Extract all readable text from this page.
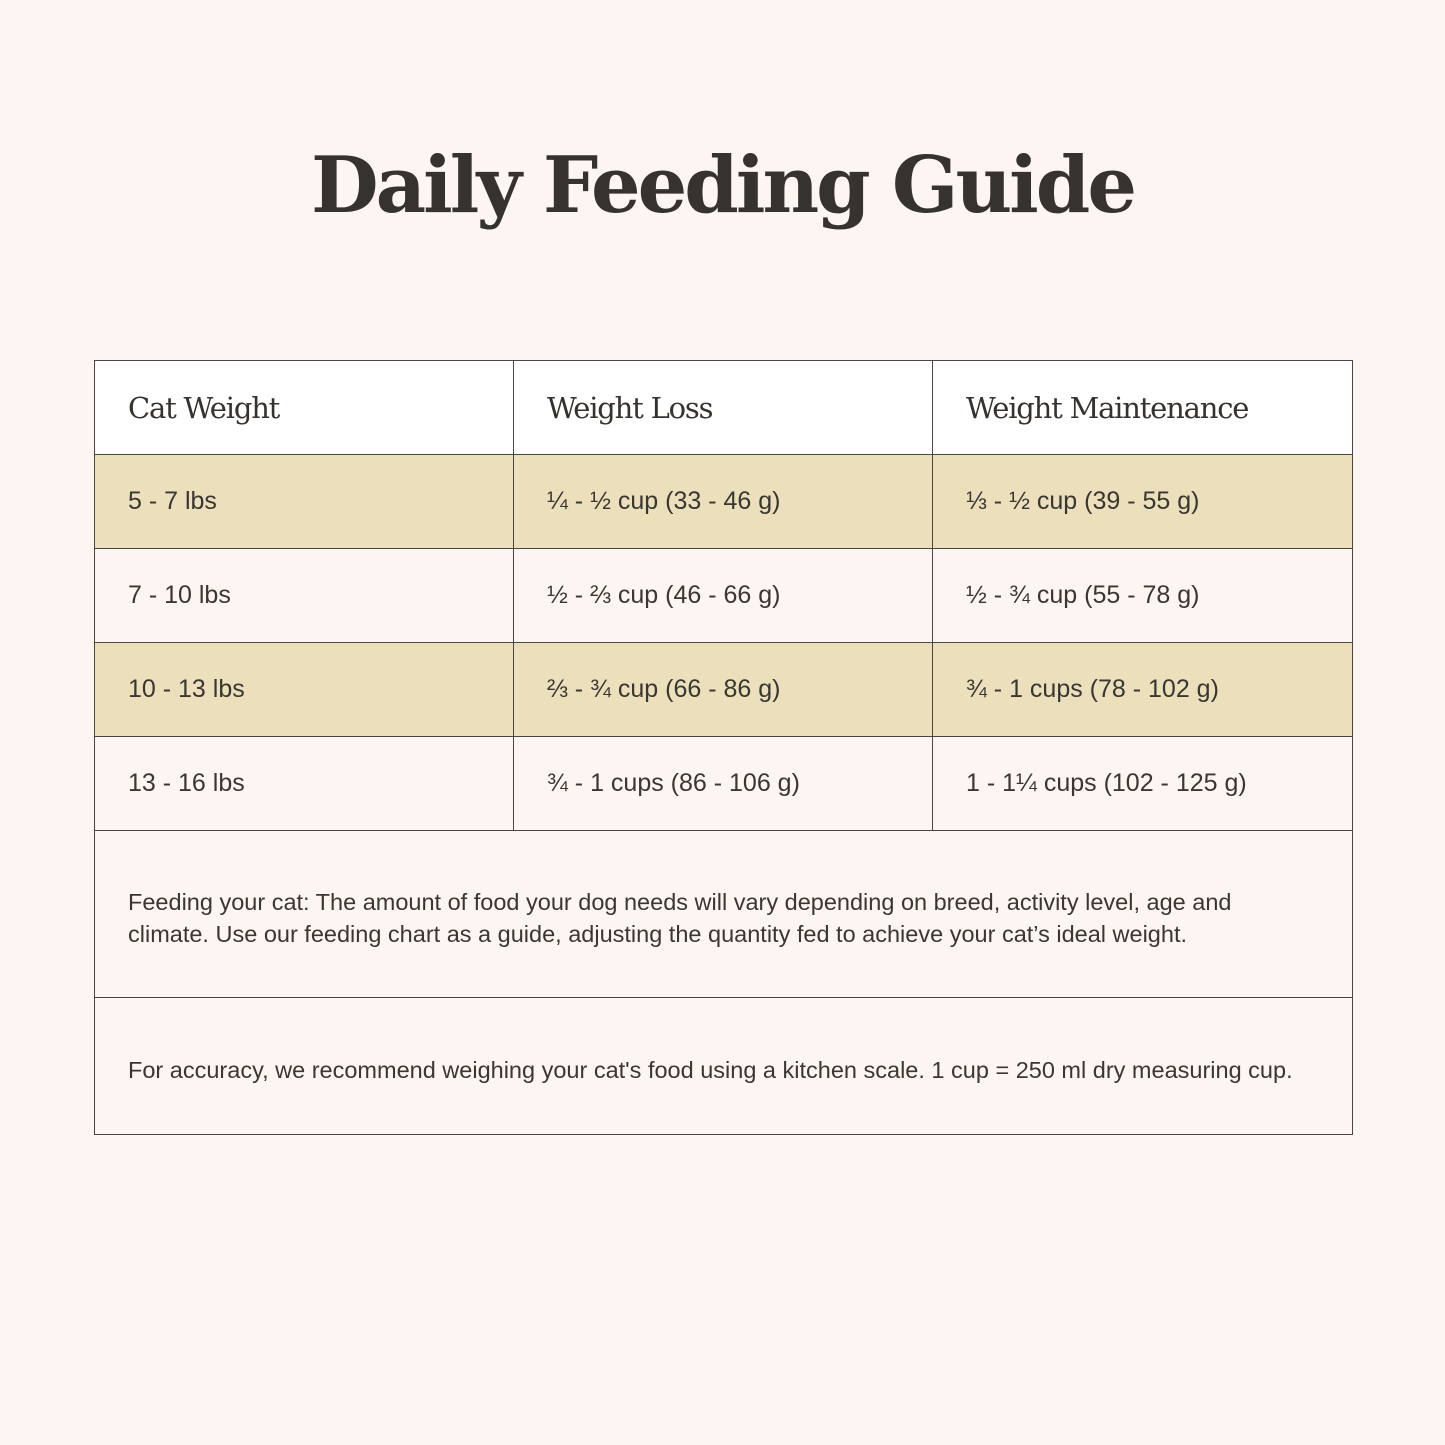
Daily Feeding Guide
Cat Weight	Weight Loss	Weight Maintenance
5 - 7 lbs	¼ - ½ cup (33 - 46 g)	⅓ - ½ cup (39 - 55 g)
7 - 10 lbs	½ - ⅔ cup (46 - 66 g)	½ - ¾ cup (55 - 78 g)
10 - 13 lbs	⅔ - ¾ cup (66 - 86 g)	¾ - 1 cups (78 - 102 g)
13 - 16 lbs	¾ - 1 cups (86 - 106 g)	1 - 1¼ cups (102 - 125 g)
Feeding your cat: The amount of food your dog needs will vary depending on breed, activity level, age and climate. Use our feeding chart as a guide, adjusting the quantity fed to achieve your cat’s ideal weight.		
For accuracy, we recommend weighing your cat's food using a kitchen scale. 1 cup = 250 ml dry measuring cup.		
